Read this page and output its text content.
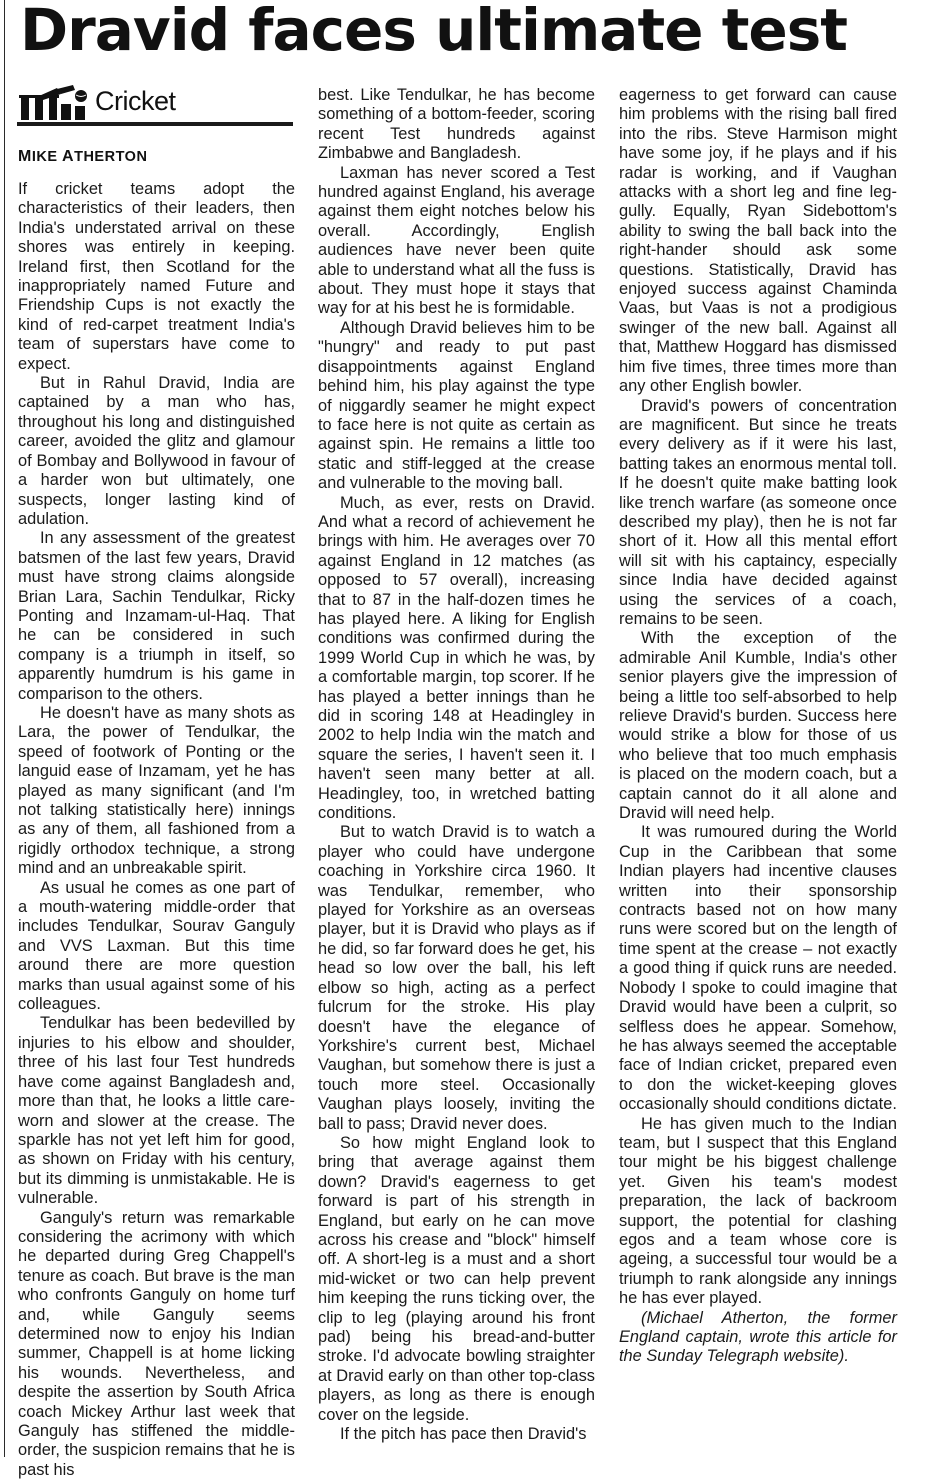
Dravid faces ultimate test
Cricket

MIKE ATHERTON

If cricket teams adopt the characteristics of their leaders, then India's understated arrival on these shores was entirely in keeping. Ireland first, then Scotland for the inappropriately named Future and Friendship Cups is not exactly the kind of red-carpet treatment India's team of superstars have come to expect.

But in Rahul Dravid, India are captained by a man who has, throughout his long and distinguished career, avoided the glitz and glamour of Bombay and Bollywood in favour of a harder won but ultimately, one suspects, longer lasting kind of adulation.

In any assessment of the greatest batsmen of the last few years, Dravid must have strong claims alongside Brian Lara, Sachin Tendulkar, Ricky Ponting and Inzamam-ul-Haq. That he can be considered in such company is a triumph in itself, so apparently humdrum is his game in comparison to the others.

He doesn't have as many shots as Lara, the power of Tendulkar, the speed of footwork of Ponting or the languid ease of Inzamam, yet he has played as many significant (and I'm not talking statistically here) innings as any of them, all fashioned from a rigidly orthodox technique, a strong mind and an unbreakable spirit.

As usual he comes as one part of a mouth-watering middle-order that includes Tendulkar, Sourav Ganguly and VVS Laxman. But this time around there are more question marks than usual against some of his colleagues.

Tendulkar has been bedevilled by injuries to his elbow and shoulder, three of his last four Test hundreds have come against Bangladesh and, more than that, he looks a little care-worn and slower at the crease. The sparkle has not yet left him for good, as shown on Friday with his century, but its dimming is unmistakable. He is vulnerable.

Ganguly's return was remarkable considering the acrimony with which he departed during Greg Chappell's tenure as coach. But brave is the man who confronts Ganguly on home turf and, while Ganguly seems determined now to enjoy his Indian summer, Chappell is at home licking his wounds. Nevertheless, and despite the assertion by South Africa coach Mickey Arthur last week that Ganguly has stiffened the middle-order, the suspicion remains that he is past his

best. Like Tendulkar, he has become something of a bottom-feeder, scoring recent Test hundreds against Zimbabwe and Bangladesh.

Laxman has never scored a Test hundred against England, his average against them eight notches below his overall. Accordingly, English audiences have never been quite able to understand what all the fuss is about. They must hope it stays that way for at his best he is formidable.

Although Dravid believes him to be "hungry" and ready to put past disappointments against England behind him, his play against the type of niggardly seamer he might expect to face here is not quite as certain as against spin. He remains a little too static and stiff-legged at the crease and vulnerable to the moving ball.

Much, as ever, rests on Dravid. And what a record of achievement he brings with him. He averages over 70 against England in 12 matches (as opposed to 57 overall), increasing that to 87 in the half-dozen times he has played here. A liking for English conditions was confirmed during the 1999 World Cup in which he was, by a comfortable margin, top scorer. If he has played a better innings than he did in scoring 148 at Headingley in 2002 to help India win the match and square the series, I haven't seen it. I haven't seen many better at all. Headingley, too, in wretched batting conditions.

But to watch Dravid is to watch a player who could have undergone coaching in Yorkshire circa 1960. It was Tendulkar, remember, who played for Yorkshire as an overseas player, but it is Dravid who plays as if he did, so far forward does he get, his head so low over the ball, his left elbow so high, acting as a perfect fulcrum for the stroke. His play doesn't have the elegance of Yorkshire's current best, Michael Vaughan, but somehow there is just a touch more steel. Occasionally Vaughan plays loosely, inviting the ball to pass; Dravid never does.

So how might England look to bring that average against them down? Dravid's eagerness to get forward is part of his strength in England, but early on he can move across his crease and "block" himself off. A short-leg is a must and a short mid-wicket or two can help prevent him keeping the runs ticking over, the clip to leg (playing around his front pad) being his bread-and-butter stroke. I'd advocate bowling straighter at Dravid early on than other top-class players, as long as there is enough cover on the legside.

If the pitch has pace then Dravid's

eagerness to get forward can cause him problems with the rising ball fired into the ribs. Steve Harmison might have some joy, if he plays and if his radar is working, and if Vaughan attacks with a short leg and fine leg-gully. Equally, Ryan Sidebottom's ability to swing the ball back into the right-hander should ask some questions. Statistically, Dravid has enjoyed success against Chaminda Vaas, but Vaas is not a prodigious swinger of the new ball. Against all that, Matthew Hoggard has dismissed him five times, three times more than any other English bowler.

Dravid's powers of concentration are magnificent. But since he treats every delivery as if it were his last, batting takes an enormous mental toll. If he doesn't quite make batting look like trench warfare (as someone once described my play), then he is not far short of it. How all this mental effort will sit with his captaincy, especially since India have decided against using the services of a coach, remains to be seen.

With the exception of the admirable Anil Kumble, India's other senior players give the impression of being a little too self-absorbed to help relieve Dravid's burden. Success here would strike a blow for those of us who believe that too much emphasis is placed on the modern coach, but a captain cannot do it all alone and Dravid will need help.

It was rumoured during the World Cup in the Caribbean that some Indian players had incentive clauses written into their sponsorship contracts based not on how many runs were scored but on the length of time spent at the crease – not exactly a good thing if quick runs are needed. Nobody I spoke to could imagine that Dravid would have been a culprit, so selfless does he appear. Somehow, he has always seemed the acceptable face of Indian cricket, prepared even to don the wicket-keeping gloves occasionally should conditions dictate.

He has given much to the Indian team, but I suspect that this England tour might be his biggest challenge yet. Given his team's modest preparation, the lack of backroom support, the potential for clashing egos and a team whose core is ageing, a successful tour would be a triumph to rank alongside any innings he has ever played.

(Michael Atherton, the former England captain, wrote this article for the Sunday Telegraph website).
